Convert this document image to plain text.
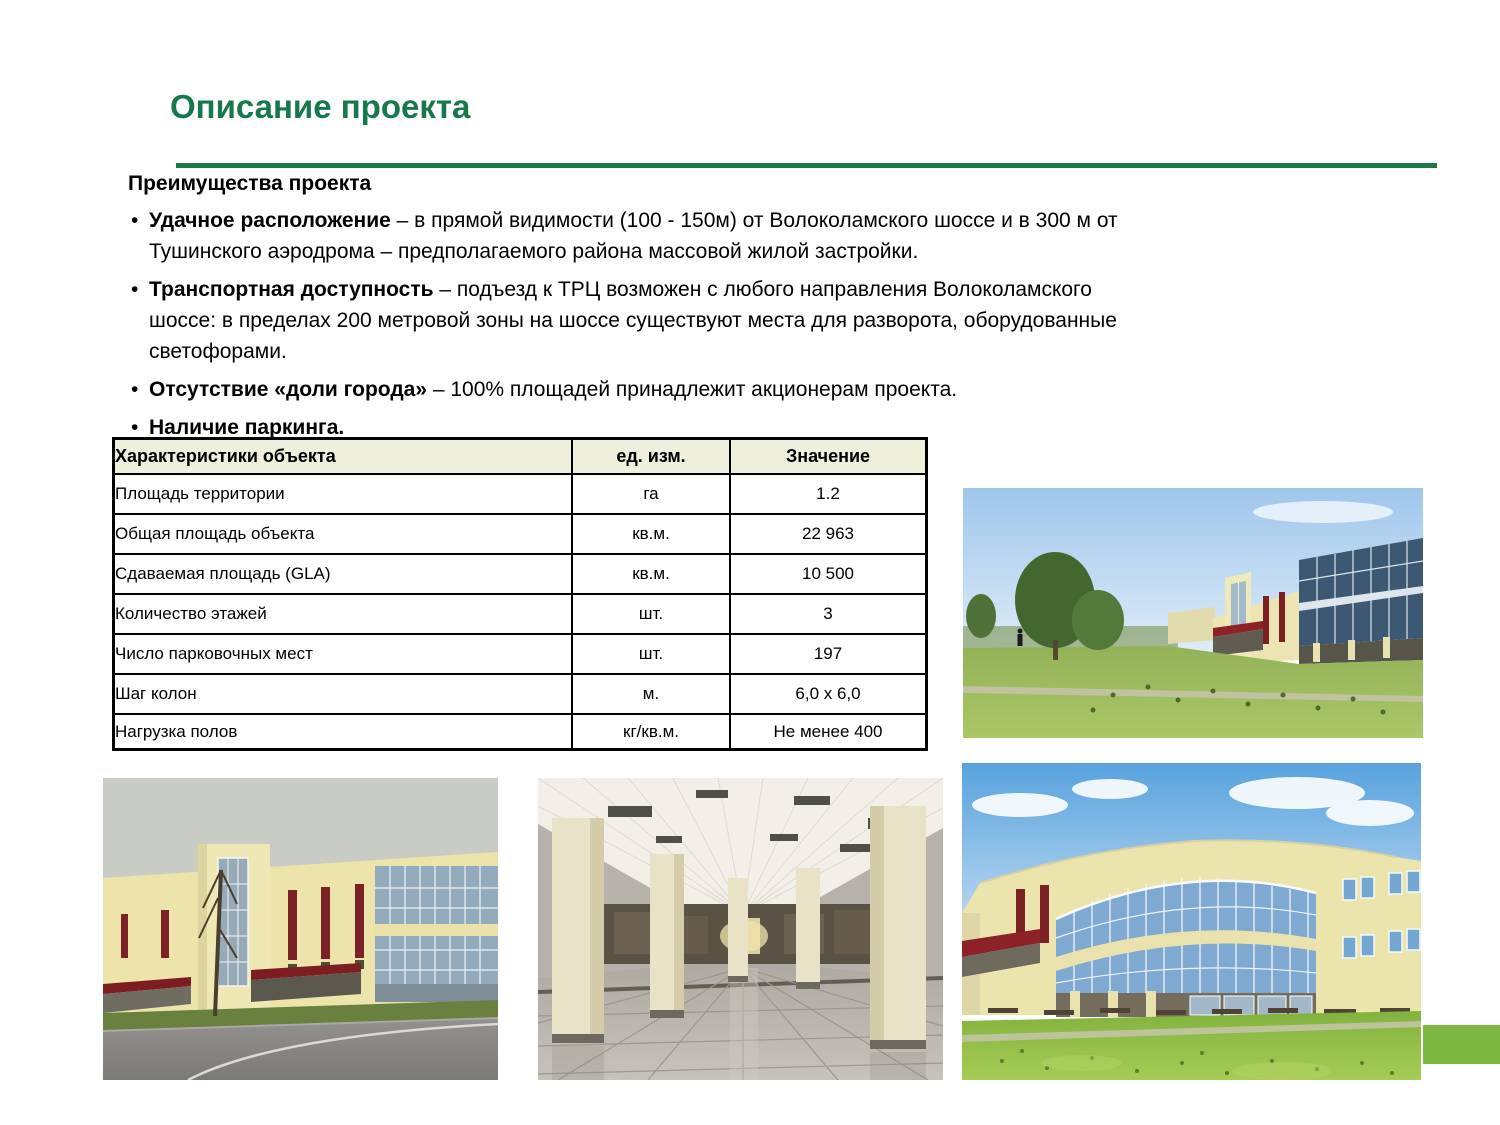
Описание проекта
Преимущества проекта
•
Удачное расположение – в прямой видимости (100 - 150м) от Волоколамского шоссе и в 300 м от
Тушинского аэродрома – предполагаемого района массовой жилой застройки.
•
Транспортная доступность – подъезд к ТРЦ возможен с любого направления Волоколамского
шоссе: в пределах 200 метровой зоны на шоссе существуют места для разворота, оборудованные
светофорами.
•
Отсутствие «доли города» – 100% площадей принадлежит акционерам проекта.
•
Наличие паркинга.
Характеристики объекта	ед. изм.	Значение
Площадь территории	га	1.2
Общая площадь объекта	кв.м.	22 963
Сдаваемая площадь (GLA)	кв.м.	10 500
Количество этажей	шт.	3
Число парковочных мест	шт.	197
Шаг колон	м.	6,0 x 6,0
Нагрузка полов	кг/кв.м.	Не менее 400
